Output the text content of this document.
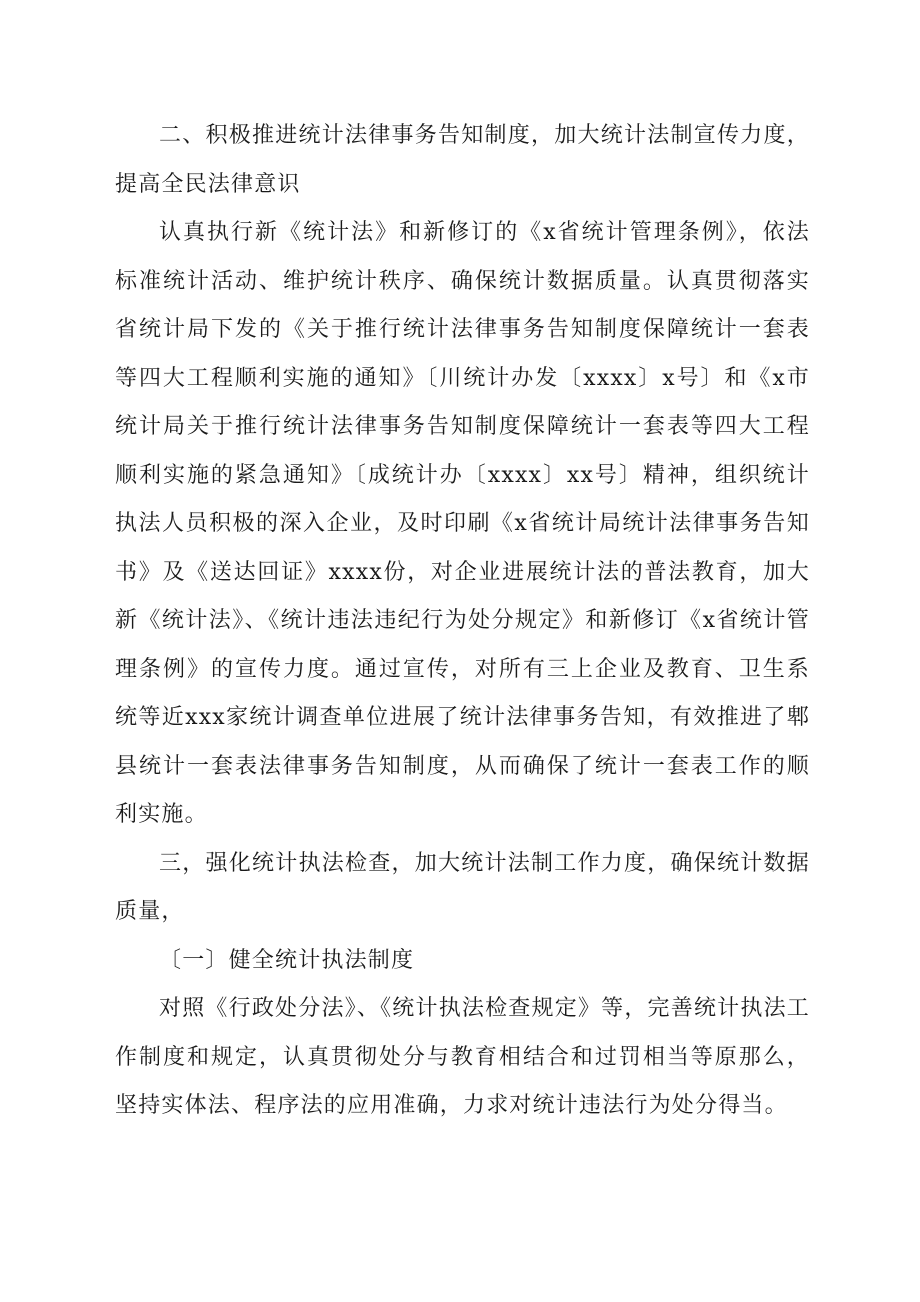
二、积极推进统计法律事务告知制度，加大统计法制宣传力度，提高全民法律意识

认真执行新《统计法》和新修订的《x省统计管理条例》，依法标准统计活动、维护统计秩序、确保统计数据质量。认真贯彻落实省统计局下发的《关于推行统计法律事务告知制度保障统计一套表等四大工程顺利实施的通知》〔川统计办发〔xxxx〕x号〕和《x市统计局关于推行统计法律事务告知制度保障统计一套表等四大工程顺利实施的紧急通知》〔成统计办〔xxxx〕xx号〕精神，组织统计执法人员积极的深入企业，及时印刷《x省统计局统计法律事务告知书》及《送达回证》xxxx份，对企业进展统计法的普法教育，加大新《统计法》、《统计违法违纪行为处分规定》和新修订《x省统计管理条例》的宣传力度。通过宣传，对所有三上企业及教育、卫生系统等近xxx家统计调查单位进展了统计法律事务告知，有效推进了郫县统计一套表法律事务告知制度，从而确保了统计一套表工作的顺利实施。

三，强化统计执法检查，加大统计法制工作力度，确保统计数据质量，

〔一〕健全统计执法制度

对照《行政处分法》、《统计执法检查规定》等，完善统计执法工作制度和规定，认真贯彻处分与教育相结合和过罚相当等原那么，坚持实体法、程序法的应用准确，力求对统计违法行为处分得当。
